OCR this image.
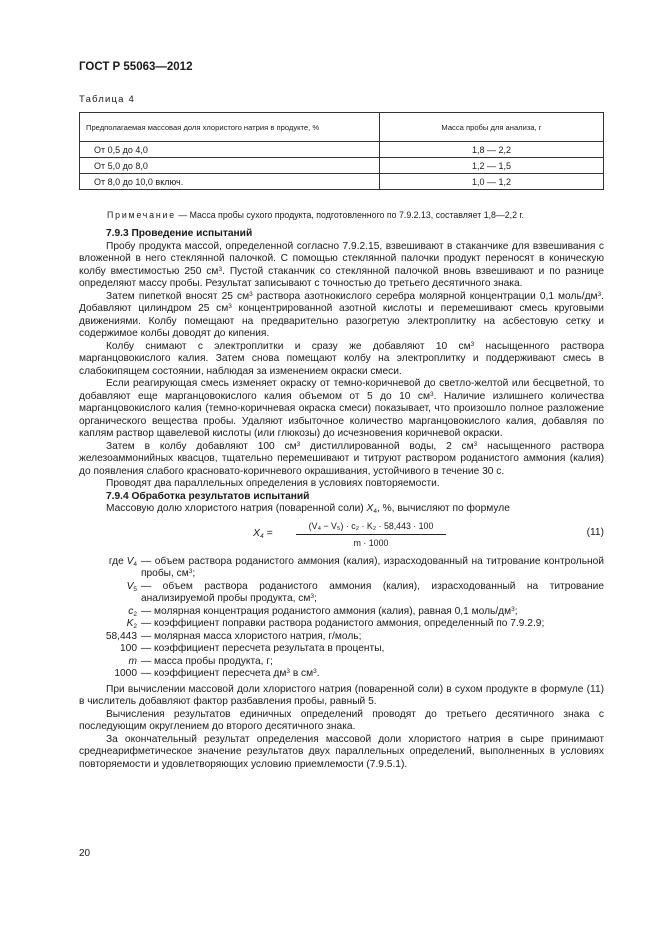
ГОСТ Р 55063—2012
Таблица 4
Предполагаемая массовая доля хлористого натрия в продукте, %	Масса пробы для анализа, г
От 0,5 до 4,0	1,8 — 2,2
От 5,0 до 8,0	1,2 — 1,5
От 8,0 до 10,0 включ.	1,0 — 1,2
Примечание — Масса пробы сухого продукта, подготовленного по 7.9.2.13, составляет 1,8—2,2 г.

7.9.3 Проведение испытаний

Пробу продукта массой, определенной согласно 7.9.2.15, взвешивают в стаканчике для взвешивания с вложенной в него стеклянной палочкой. С помощью стеклянной палочки продукт переносят в коническую колбу вместимостью 250 $см^3$. Пустой стаканчик со стеклянной палочкой вновь взвешивают и по разнице определяют массу пробы. Результат записывают с точностью до третьего десятичного знака.

Затем пипеткой вносят 25 $см^3$ раствора азотнокислого серебра молярной концентрации 0,1 моль/$дм^3$. Добавляют цилиндром 25 $см^3$ концентрированной азотной кислоты и перемешивают смесь круговыми движениями. Колбу помещают на предварительно разогретую электроплитку на асбестовую сетку и содержимое колбы доводят до кипения.

Колбу снимают с электроплитки и сразу же добавляют 10 $см^3$ насыщенного раствора марганцовокислого калия. Затем снова помещают колбу на электроплитку и поддерживают смесь в слабокипящем состоянии, наблюдая за изменением окраски смеси.

Если реагирующая смесь изменяет окраску от темно-коричневой до светло-желтой или бесцветной, то добавляют еще марганцовокислого калия объемом от 5 до 10 $см^3$. Наличие излишнего количества марганцовокислого калия (темно-коричневая окраска смеси) показывает, что произошло полное разложение органического вещества пробы. Удаляют избыточное количество марганцовокислого калия, добавляя по каплям раствор щавелевой кислоты (или глюкозы) до исчезновения коричневой окраски.

Затем в колбу добавляют 100 $см^3$ дистиллированной воды, 2 $см^3$ насыщенного раствора железоаммонийных квасцов, тщательно перемешивают и титруют раствором роданистого аммония (калия) до появления слабого красновато-коричневого окрашивания, устойчивого в течение 30 с.

Проводят два параллельных определения в условиях повторяемости.

7.9.4 Обработка результатов испытаний

Массовую долю хлористого натрия (поваренной соли) $X_4$, %, вычисляют по формуле

$X_4$ =	$\frac{\text{(V₄ − V₅) · c₂ · K₂ · 58,443 · 100}}{m \cdot 1000}$	(11)
где $V_4$ — объем раствора роданистого аммония (калия), израсходованный на титрование контрольной пробы, $см^3$;
$V_5$ — объем раствора роданистого аммония (калия), израсходованный на титрование анализируемой пробы продукта, $см^3$;
$c_2$ — молярная концентрация роданистого аммония (калия), равная 0,1 моль/$дм^3$;
$K_2$ — коэффициент поправки раствора роданистого аммония, определенный по 7.9.2.9;
58,443 — молярная масса хлористого натрия, г/моль;
100 — коэффициент пересчета результата в проценты,
m — масса пробы продукта, г;
1000 — коэффициент пересчета $дм^3$ в $см^3$.

При вычислении массовой доли хлористого натрия (поваренной соли) в сухом продукте в формуле (11) в числитель добавляют фактор разбавления пробы, равный 5.

Вычисления результатов единичных определений проводят до третьего десятичного знака с последующим округлением до второго десятичного знака.

За окончательный результат определения массовой доли хлористого натрия в сыре принимают среднеарифметическое значение результатов двух параллельных определений, выполненных в условиях повторяемости и удовлетворяющих условию приемлемости (7.9.5.1).

20
